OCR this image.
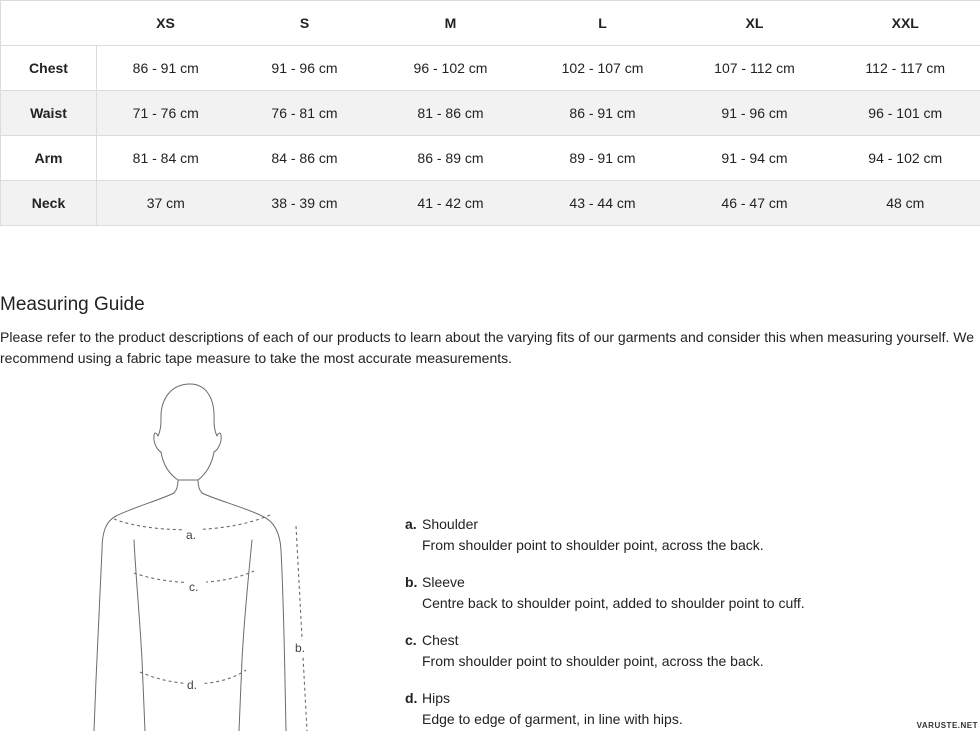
	XS	S	M	L	XL	XXL
Chest	86 - 91 cm	91 - 96 cm	96 - 102 cm	102 - 107 cm	107 - 112 cm	112 - 117 cm
Waist	71 - 76 cm	76 - 81 cm	81 - 86 cm	86 - 91 cm	91 - 96 cm	96 - 101 cm
Arm	81 - 84 cm	84 - 86 cm	86 - 89 cm	89 - 91 cm	91 - 94 cm	94 - 102 cm
Neck	37 cm	38 - 39 cm	41 - 42 cm	43 - 44 cm	46 - 47 cm	48 cm
Measuring Guide

Please refer to the product descriptions of each of our products to learn about the varying fits of our garments and consider this when measuring yourself. We recommend using a fabric tape measure to take the most accurate measurements.

a.
c.
d.
b.
a. Shoulder
From shoulder point to shoulder point, across the back.
b. Sleeve
Centre back to shoulder point, added to shoulder point to cuff.
c. Chest
From shoulder point to shoulder point, across the back.
d. Hips
Edge to edge of garment, in line with hips.	VARUSTE.NET
